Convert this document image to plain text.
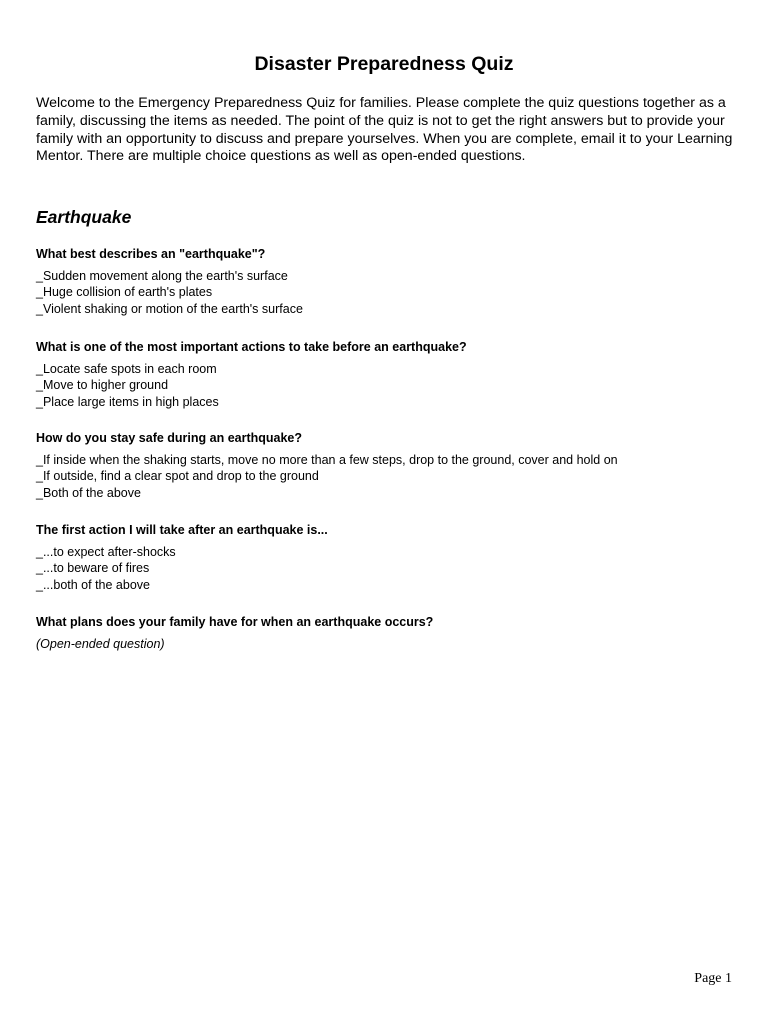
Disaster Preparedness Quiz

Welcome to the Emergency Preparedness Quiz for families. Please complete the quiz questions together as a family, discussing the items as needed. The point of the quiz is not to get the right answers but to provide your family with an opportunity to discuss and prepare yourselves. When you are complete, email it to your Learning Mentor. There are multiple choice questions as well as open-ended questions.

Earthquake

What best describes an "earthquake"?

_Sudden movement along the earth's surface
_Huge collision of earth's plates
_Violent shaking or motion of the earth's surface

What is one of the most important actions to take before an earthquake?

_Locate safe spots in each room
_Move to higher ground
_Place large items in high places

How do you stay safe during an earthquake?

_If inside when the shaking starts, move no more than a few steps, drop to the ground, cover and hold on
_If outside, find a clear spot and drop to the ground
_Both of the above

The first action I will take after an earthquake is...

_...to expect after-shocks
_...to beware of fires
_...both of the above

What plans does your family have for when an earthquake occurs?

(Open-ended question)

Page 1
